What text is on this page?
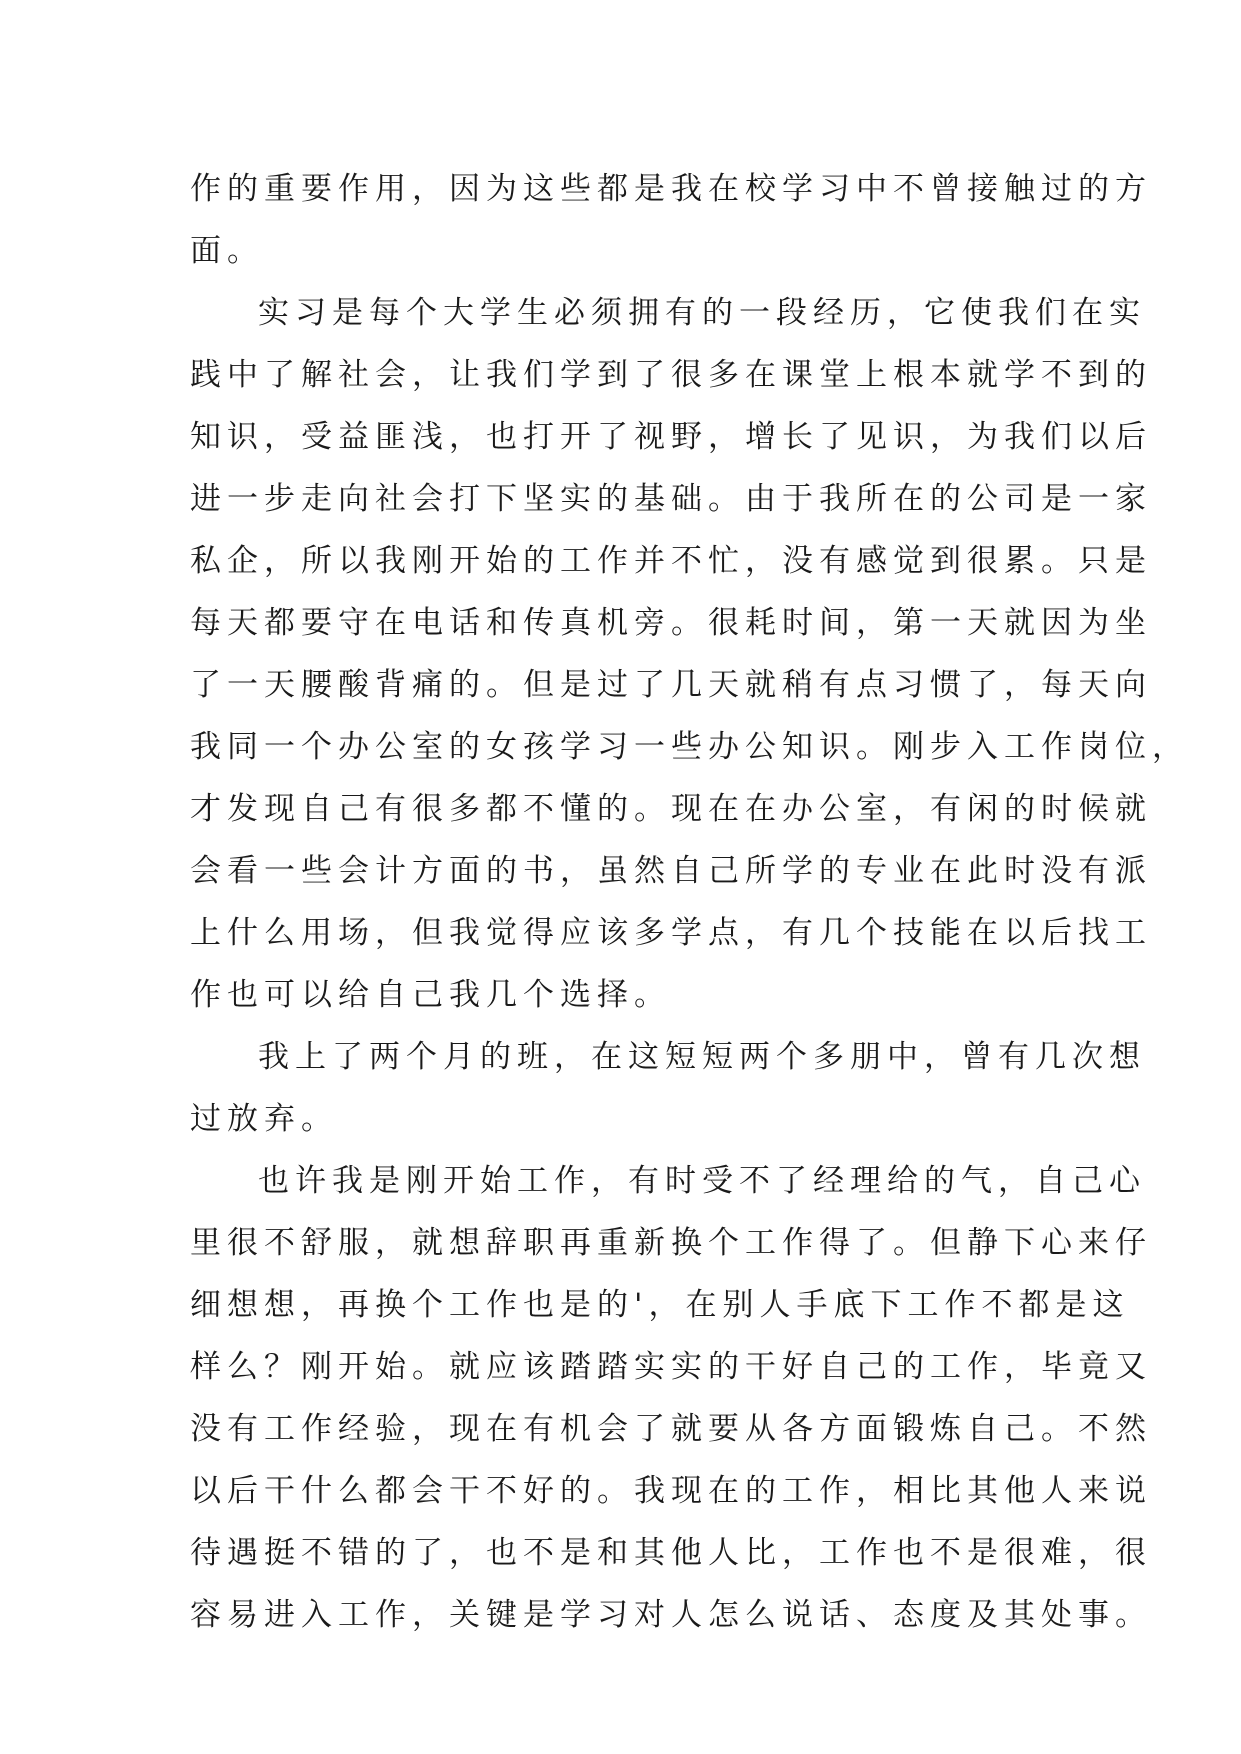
作的重要作用，因为这些都是我在校学习中不曾接触过的方
面。
实习是每个大学生必须拥有的一段经历，它使我们在实
践中了解社会，让我们学到了很多在课堂上根本就学不到的
知识，受益匪浅，也打开了视野，增长了见识，为我们以后
进一步走向社会打下坚实的基础。由于我所在的公司是一家
私企，所以我刚开始的工作并不忙，没有感觉到很累。只是
每天都要守在电话和传真机旁。很耗时间，第一天就因为坐
了一天腰酸背痛的。但是过了几天就稍有点习惯了，每天向
我同一个办公室的女孩学习一些办公知识。刚步入工作岗位，
才发现自己有很多都不懂的。现在在办公室，有闲的时候就
会看一些会计方面的书，虽然自己所学的专业在此时没有派
上什么用场，但我觉得应该多学点，有几个技能在以后找工
作也可以给自己我几个选择。
我上了两个月的班，在这短短两个多朋中，曾有几次想
过放弃。
也许我是刚开始工作，有时受不了经理给的气，自己心
里很不舒服，就想辞职再重新换个工作得了。但静下心来仔
细想想，再换个工作也是的'，在别人手底下工作不都是这
样么？刚开始。就应该踏踏实实的干好自己的工作，毕竟又
没有工作经验，现在有机会了就要从各方面锻炼自己。不然
以后干什么都会干不好的。我现在的工作，相比其他人来说
待遇挺不错的了，也不是和其他人比，工作也不是很难，很
容易进入工作，关键是学习对人怎么说话、态度及其处事。
